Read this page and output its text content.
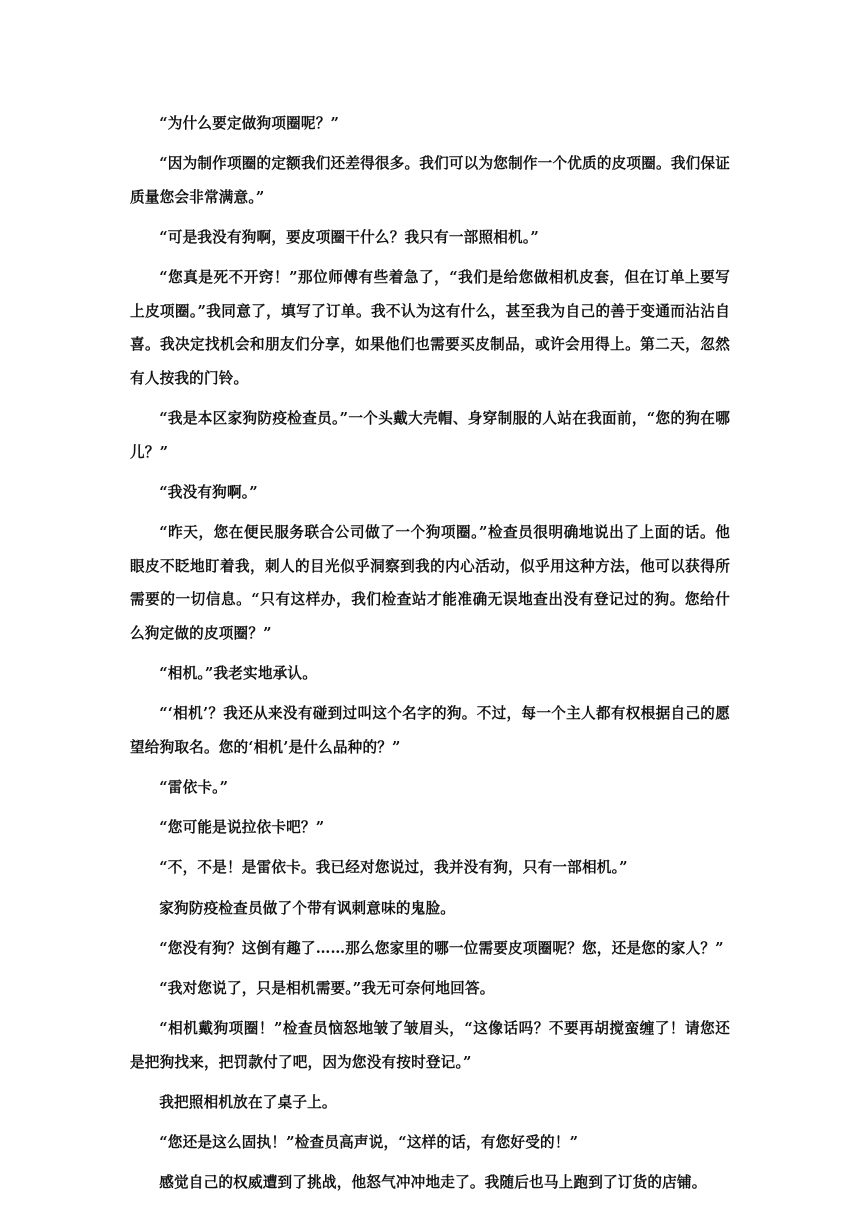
“为什么要定做狗项圈呢？”

“因为制作项圈的定额我们还差得很多。我们可以为您制作一个优质的皮项圈。我们保证质量您会非常满意。”

“可是我没有狗啊，要皮项圈干什么？我只有一部照相机。”

“您真是死不开窍！”那位师傅有些着急了，“我们是给您做相机皮套，但在订单上要写上皮项圈。”我同意了，填写了订单。我不认为这有什么，甚至我为自己的善于变通而沾沾自喜。我决定找机会和朋友们分享，如果他们也需要买皮制品，或许会用得上。第二天，忽然有人按我的门铃。

“我是本区家狗防疫检查员。”一个头戴大壳帽、身穿制服的人站在我面前，“您的狗在哪儿？”

“我没有狗啊。”

“昨天，您在便民服务联合公司做了一个狗项圈。”检查员很明确地说出了上面的话。他眼皮不眨地盯着我，刺人的目光似乎洞察到我的内心活动，似乎用这种方法，他可以获得所需要的一切信息。“只有这样办，我们检查站才能准确无误地查出没有登记过的狗。您给什么狗定做的皮项圈？”

“相机。”我老实地承认。

“‘相机’？我还从来没有碰到过叫这个名字的狗。不过，每一个主人都有权根据自己的愿望给狗取名。您的‘相机’是什么品种的？”

“雷依卡。”

“您可能是说拉依卡吧？”

“不，不是！是雷依卡。我已经对您说过，我并没有狗，只有一部相机。”

家狗防疫检查员做了个带有讽刺意味的鬼脸。

“您没有狗？这倒有趣了……那么您家里的哪一位需要皮项圈呢？您，还是您的家人？”

“我对您说了，只是相机需要。”我无可奈何地回答。

“相机戴狗项圈！”检查员恼怒地皱了皱眉头，“这像话吗？不要再胡搅蛮缠了！请您还是把狗找来，把罚款付了吧，因为您没有按时登记。”

我把照相机放在了桌子上。

“您还是这么固执！”检查员高声说，“这样的话，有您好受的！”

感觉自己的权威遭到了挑战，他怒气冲冲地走了。我随后也马上跑到了订货的店铺。
